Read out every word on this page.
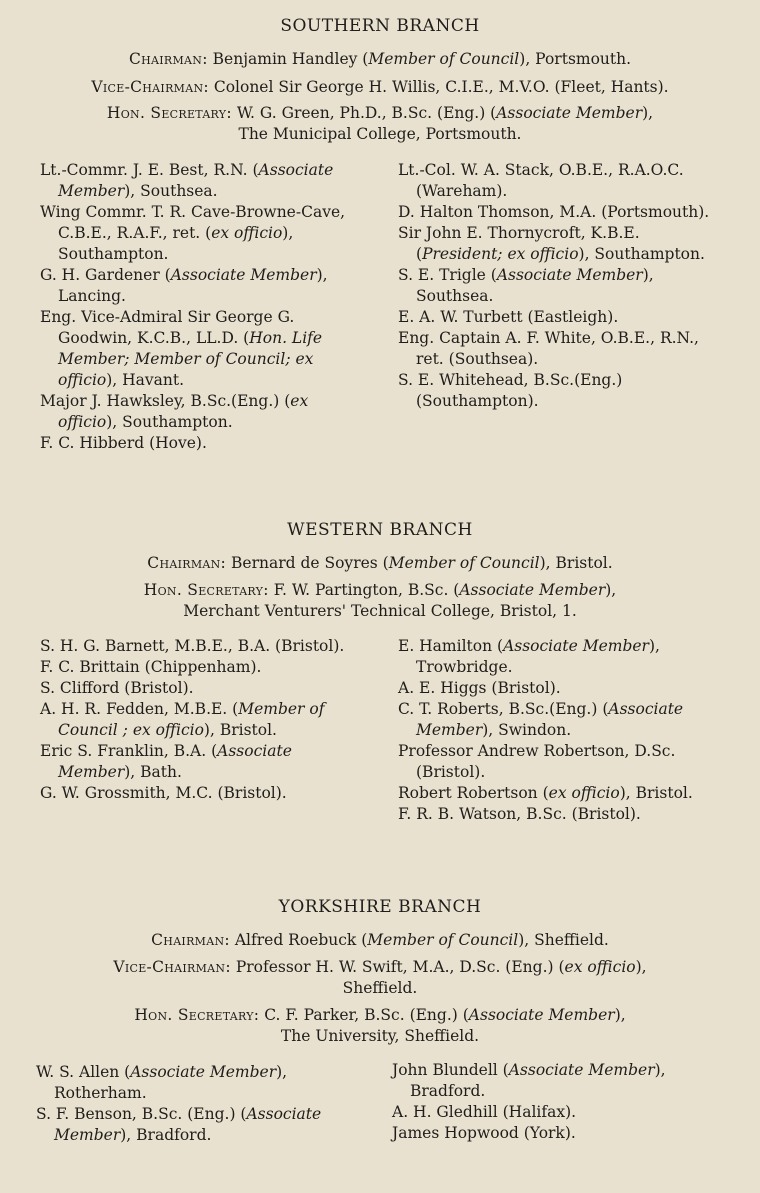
SOUTHERN BRANCH
Chairman: Benjamin Handley (Member of Council), Portsmouth.
Vice-Chairman: Colonel Sir George H. Willis, C.I.E., M.V.O. (Fleet, Hants).
Hon. Secretary: W. G. Green, Ph.D., B.Sc. (Eng.) (Associate Member),
The Municipal College, Portsmouth.

Lt.-Commr. J. E. Best, R.N. (Associate Member), Southsea.

Wing Commr. T. R. Cave-Browne-Cave, C.B.E., R.A.F., ret. (ex officio), Southampton.

G. H. Gardener (Associate Member), Lancing.

Eng. Vice-Admiral Sir George G. Goodwin, K.C.B., LL.D. (Hon. Life Member; Member of Council; ex officio), Havant.

Major J. Hawksley, B.Sc.(Eng.) (ex officio), Southampton.

F. C. Hibberd (Hove).

Lt.-Col. W. A. Stack, O.B.E., R.A.O.C. (Wareham).

D. Halton Thomson, M.A. (Portsmouth).

Sir John E. Thornycroft, K.B.E. (President; ex officio), Southampton.

S. E. Trigle (Associate Member), Southsea.

E. A. W. Turbett (Eastleigh).

Eng. Captain A. F. White, O.B.E., R.N., ret. (Southsea).

S. E. Whitehead, B.Sc.(Eng.) (Southampton).

WESTERN BRANCH
Chairman: Bernard de Soyres (Member of Council), Bristol.
Hon. Secretary: F. W. Partington, B.Sc. (Associate Member),
Merchant Venturers' Technical College, Bristol, 1.

S. H. G. Barnett, M.B.E., B.A. (Bristol).

F. C. Brittain (Chippenham).

S. Clifford (Bristol).

A. H. R. Fedden, M.B.E. (Member of Council ; ex officio), Bristol.

Eric S. Franklin, B.A. (Associate Member), Bath.

G. W. Grossmith, M.C. (Bristol).

E. Hamilton (Associate Member), Trowbridge.

A. E. Higgs (Bristol).

C. T. Roberts, B.Sc.(Eng.) (Associate Member), Swindon.

Professor Andrew Robertson, D.Sc. (Bristol).

Robert Robertson (ex officio), Bristol.

F. R. B. Watson, B.Sc. (Bristol).

YORKSHIRE BRANCH
Chairman: Alfred Roebuck (Member of Council), Sheffield.
Vice-Chairman: Professor H. W. Swift, M.A., D.Sc. (Eng.) (ex officio),
Sheffield.
Hon. Secretary: C. F. Parker, B.Sc. (Eng.) (Associate Member),
The University, Sheffield.

W. S. Allen (Associate Member), Rotherham.

S. F. Benson, B.Sc. (Eng.) (Associate Member), Bradford.

John Blundell (Associate Member), Bradford.

A. H. Gledhill (Halifax).

James Hopwood (York).
